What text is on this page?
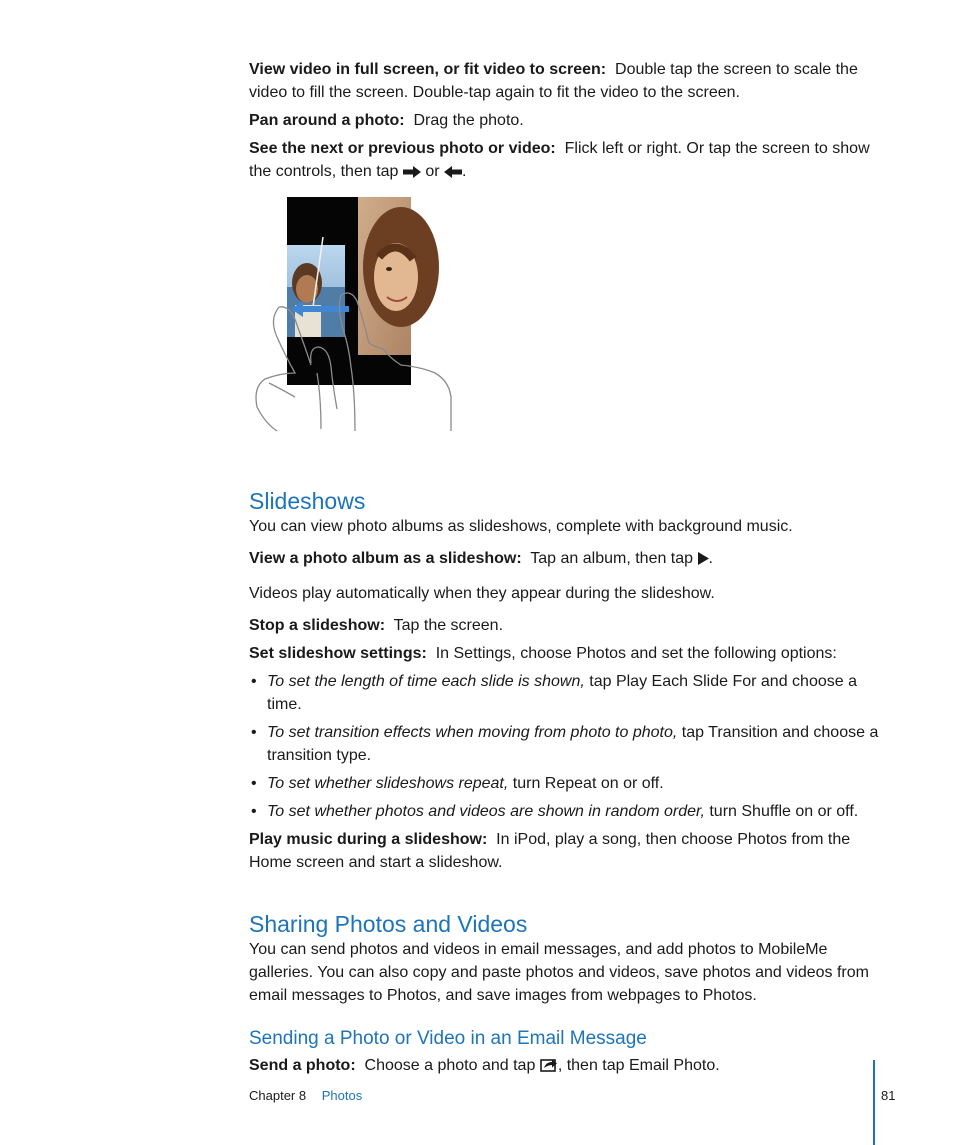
View video in full screen, or fit video to screen: Double tap the screen to scale the video to fill the screen. Double-tap again to fit the video to the screen.

Pan around a photo: Drag the photo.

See the next or previous photo or video: Flick left or right. Or tap the screen to show the controls, then tap or .

Slideshows

You can view photo albums as slideshows, complete with background music.

View a photo album as a slideshow: Tap an album, then tap .

Videos play automatically when they appear during the slideshow.

Stop a slideshow: Tap the screen.

Set slideshow settings: In Settings, choose Photos and set the following options:

• To set the length of time each slide is shown, tap Play Each Slide For and choose a time.
• To set transition effects when moving from photo to photo, tap Transition and choose a transition type.
• To set whether slideshows repeat, turn Repeat on or off.
• To set whether photos and videos are shown in random order, turn Shuffle on or off.

Play music during a slideshow: In iPod, play a song, then choose Photos from the Home screen and start a slideshow.

Sharing Photos and Videos

You can send photos and videos in email messages, and add photos to MobileMe galleries. You can also copy and paste photos and videos, save photos and videos from email messages to Photos, and save images from webpages to Photos.

Sending a Photo or Video in an Email Message

Send a photo: Choose a photo and tap , then tap Email Photo.

Chapter 8 Photos	81
